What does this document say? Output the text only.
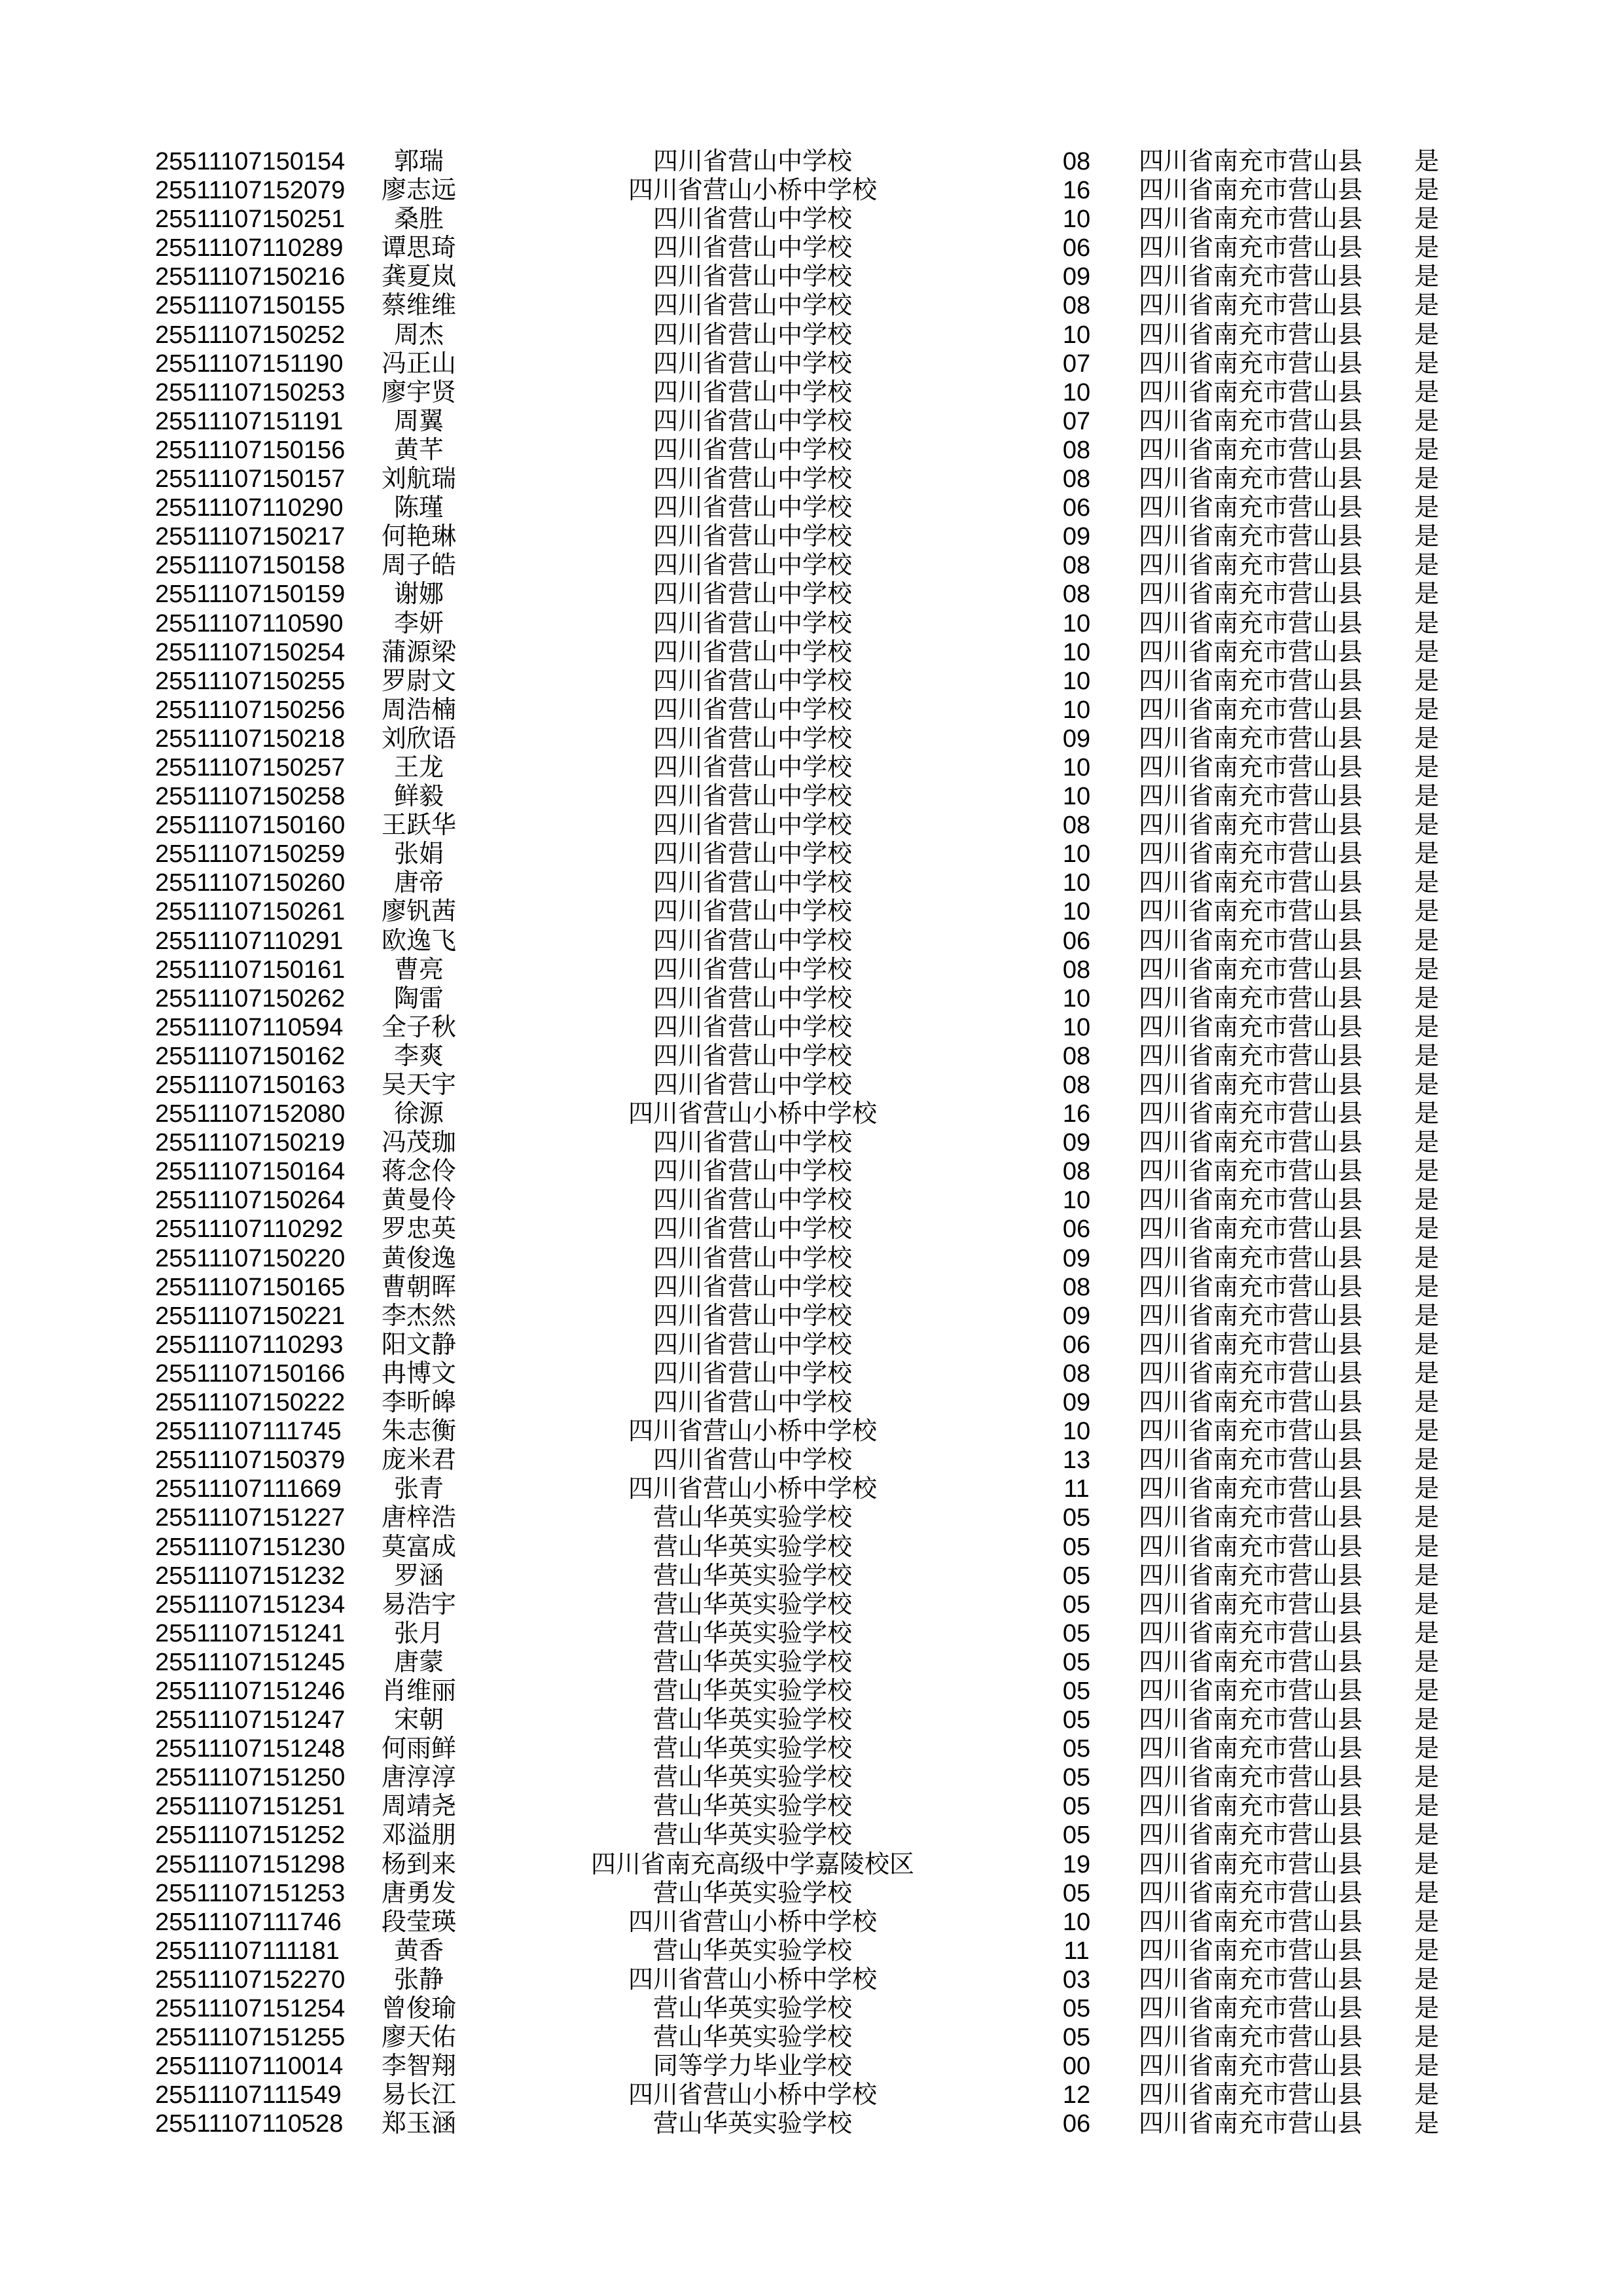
25511107150154	郭瑞	四川省营山中学校	08	四川省南充市营山县	是
25511107152079	廖志远	四川省营山小桥中学校	16	四川省南充市营山县	是
25511107150251	桑胜	四川省营山中学校	10	四川省南充市营山县	是
25511107110289	谭思琦	四川省营山中学校	06	四川省南充市营山县	是
25511107150216	龚夏岚	四川省营山中学校	09	四川省南充市营山县	是
25511107150155	蔡维维	四川省营山中学校	08	四川省南充市营山县	是
25511107150252	周杰	四川省营山中学校	10	四川省南充市营山县	是
25511107151190	冯正山	四川省营山中学校	07	四川省南充市营山县	是
25511107150253	廖宇贤	四川省营山中学校	10	四川省南充市营山县	是
25511107151191	周翼	四川省营山中学校	07	四川省南充市营山县	是
25511107150156	黄芊	四川省营山中学校	08	四川省南充市营山县	是
25511107150157	刘航瑞	四川省营山中学校	08	四川省南充市营山县	是
25511107110290	陈瑾	四川省营山中学校	06	四川省南充市营山县	是
25511107150217	何艳琳	四川省营山中学校	09	四川省南充市营山县	是
25511107150158	周子皓	四川省营山中学校	08	四川省南充市营山县	是
25511107150159	谢娜	四川省营山中学校	08	四川省南充市营山县	是
25511107110590	李妍	四川省营山中学校	10	四川省南充市营山县	是
25511107150254	蒲源梁	四川省营山中学校	10	四川省南充市营山县	是
25511107150255	罗尉文	四川省营山中学校	10	四川省南充市营山县	是
25511107150256	周浩楠	四川省营山中学校	10	四川省南充市营山县	是
25511107150218	刘欣语	四川省营山中学校	09	四川省南充市营山县	是
25511107150257	王龙	四川省营山中学校	10	四川省南充市营山县	是
25511107150258	鲜毅	四川省营山中学校	10	四川省南充市营山县	是
25511107150160	王跃华	四川省营山中学校	08	四川省南充市营山县	是
25511107150259	张娟	四川省营山中学校	10	四川省南充市营山县	是
25511107150260	唐帝	四川省营山中学校	10	四川省南充市营山县	是
25511107150261	廖钒茜	四川省营山中学校	10	四川省南充市营山县	是
25511107110291	欧逸飞	四川省营山中学校	06	四川省南充市营山县	是
25511107150161	曹亮	四川省营山中学校	08	四川省南充市营山县	是
25511107150262	陶雷	四川省营山中学校	10	四川省南充市营山县	是
25511107110594	全子秋	四川省营山中学校	10	四川省南充市营山县	是
25511107150162	李爽	四川省营山中学校	08	四川省南充市营山县	是
25511107150163	吴天宇	四川省营山中学校	08	四川省南充市营山县	是
25511107152080	徐源	四川省营山小桥中学校	16	四川省南充市营山县	是
25511107150219	冯茂珈	四川省营山中学校	09	四川省南充市营山县	是
25511107150164	蒋念伶	四川省营山中学校	08	四川省南充市营山县	是
25511107150264	黄曼伶	四川省营山中学校	10	四川省南充市营山县	是
25511107110292	罗忠英	四川省营山中学校	06	四川省南充市营山县	是
25511107150220	黄俊逸	四川省营山中学校	09	四川省南充市营山县	是
25511107150165	曹朝晖	四川省营山中学校	08	四川省南充市营山县	是
25511107150221	李杰然	四川省营山中学校	09	四川省南充市营山县	是
25511107110293	阳文静	四川省营山中学校	06	四川省南充市营山县	是
25511107150166	冉博文	四川省营山中学校	08	四川省南充市营山县	是
25511107150222	李昕皞	四川省营山中学校	09	四川省南充市营山县	是
25511107111745	朱志衡	四川省营山小桥中学校	10	四川省南充市营山县	是
25511107150379	庞米君	四川省营山中学校	13	四川省南充市营山县	是
25511107111669	张青	四川省营山小桥中学校	11	四川省南充市营山县	是
25511107151227	唐梓浩	营山华英实验学校	05	四川省南充市营山县	是
25511107151230	莫富成	营山华英实验学校	05	四川省南充市营山县	是
25511107151232	罗涵	营山华英实验学校	05	四川省南充市营山县	是
25511107151234	易浩宇	营山华英实验学校	05	四川省南充市营山县	是
25511107151241	张月	营山华英实验学校	05	四川省南充市营山县	是
25511107151245	唐蒙	营山华英实验学校	05	四川省南充市营山县	是
25511107151246	肖维丽	营山华英实验学校	05	四川省南充市营山县	是
25511107151247	宋朝	营山华英实验学校	05	四川省南充市营山县	是
25511107151248	何雨鲜	营山华英实验学校	05	四川省南充市营山县	是
25511107151250	唐淳淳	营山华英实验学校	05	四川省南充市营山县	是
25511107151251	周靖尧	营山华英实验学校	05	四川省南充市营山县	是
25511107151252	邓溢朋	营山华英实验学校	05	四川省南充市营山县	是
25511107151298	杨到来	四川省南充高级中学嘉陵校区	19	四川省南充市营山县	是
25511107151253	唐勇发	营山华英实验学校	05	四川省南充市营山县	是
25511107111746	段莹瑛	四川省营山小桥中学校	10	四川省南充市营山县	是
25511107111181	黄香	营山华英实验学校	11	四川省南充市营山县	是
25511107152270	张静	四川省营山小桥中学校	03	四川省南充市营山县	是
25511107151254	曾俊瑜	营山华英实验学校	05	四川省南充市营山县	是
25511107151255	廖天佑	营山华英实验学校	05	四川省南充市营山县	是
25511107110014	李智翔	同等学力毕业学校	00	四川省南充市营山县	是
25511107111549	易长江	四川省营山小桥中学校	12	四川省南充市营山县	是
25511107110528	郑玉涵	营山华英实验学校	06	四川省南充市营山县	是
